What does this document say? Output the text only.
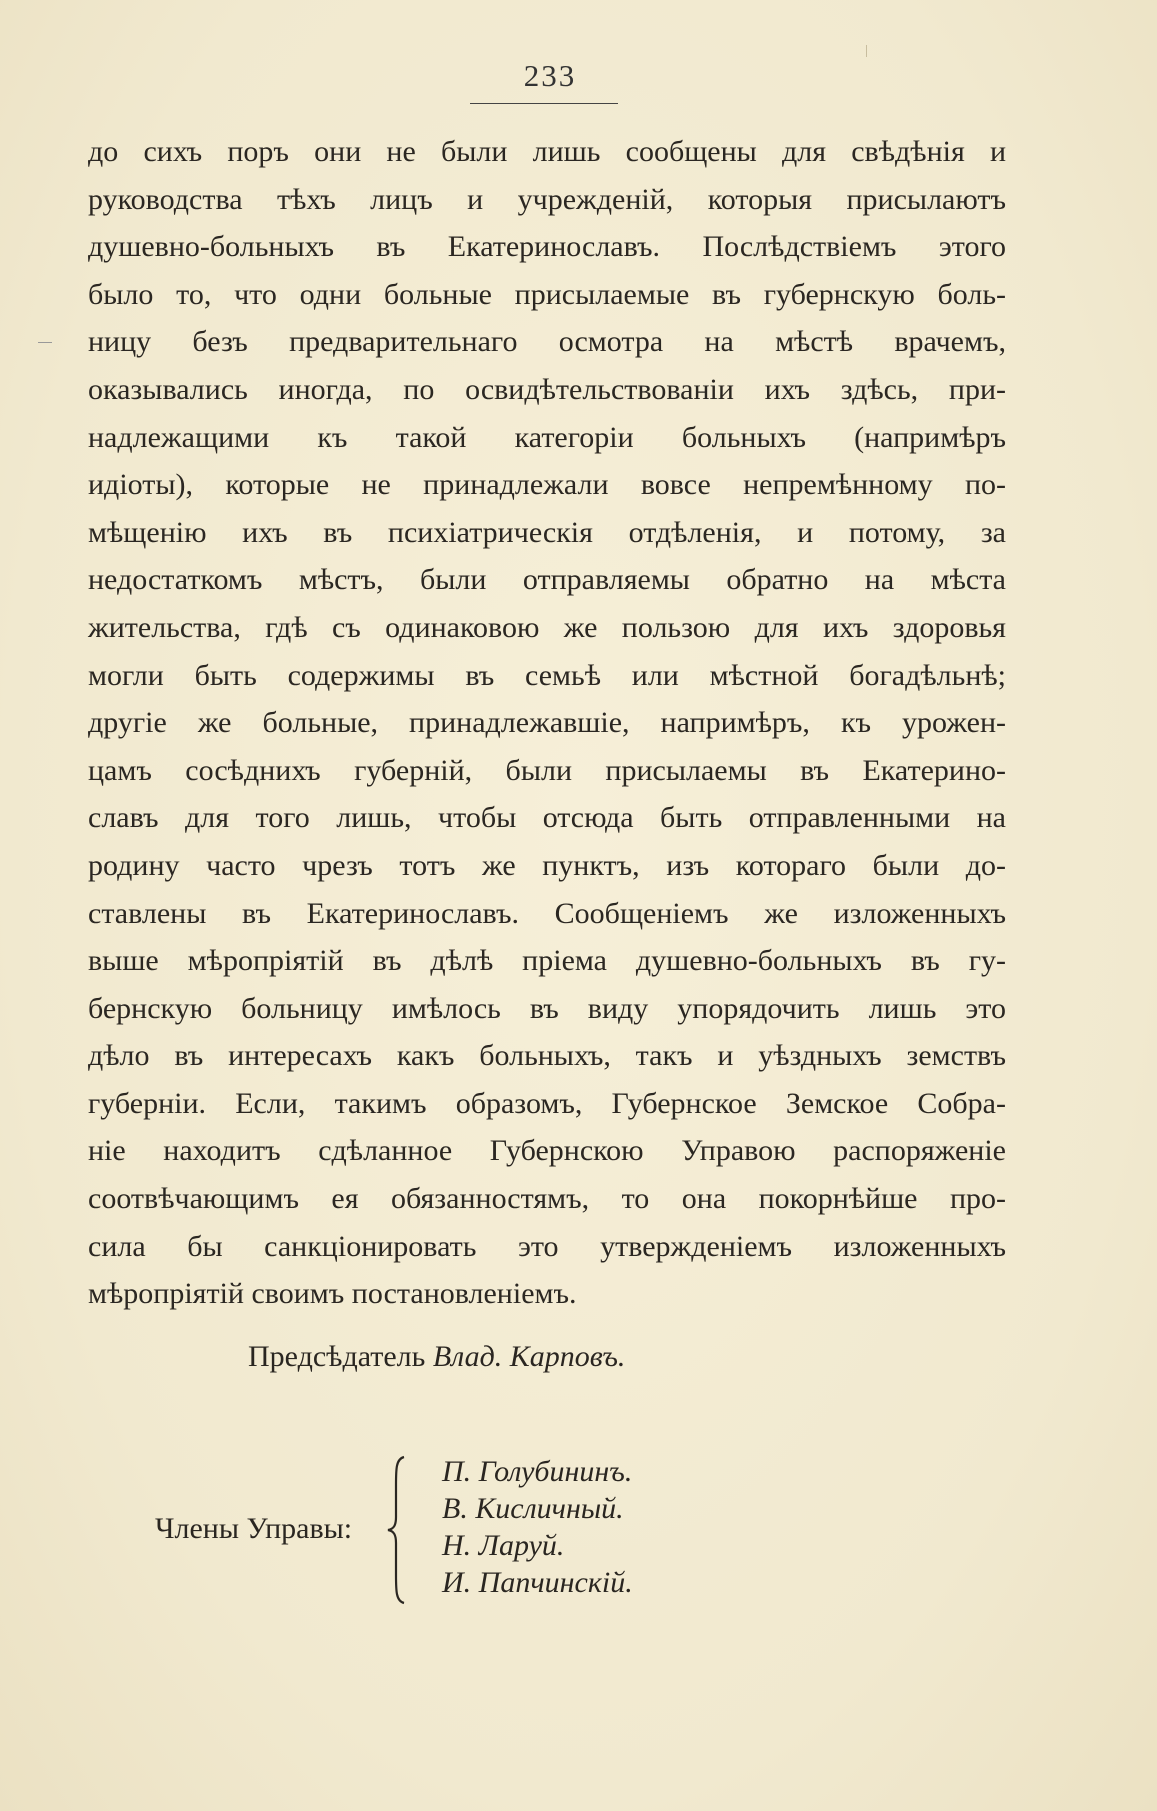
233
до сихъ поръ они не были лишь сообщены для свѣдѣнія и
руководства тѣхъ лицъ и учрежденій, которыя присылаютъ
душевно-больныхъ въ Екатеринославъ. Послѣдствіемъ этого
было то, что одни больные присылаемые въ губернскую боль-
ницу безъ предварительнаго осмотра на мѣстѣ врачемъ,
оказывались иногда, по освидѣтельствованіи ихъ здѣсь, при-
надлежащими къ такой категоріи больныхъ (напримѣръ
идіоты), которые не принадлежали вовсе непремѣнному по-
мѣщенію ихъ въ психіатрическія отдѣленія, и потому, за
недостаткомъ мѣстъ, были отправляемы обратно на мѣста
жительства, гдѣ съ одинаковою же пользою для ихъ здоровья
могли быть содержимы въ семьѣ или мѣстной богадѣльнѣ;
другіе же больные, принадлежавшіе, напримѣръ, къ урожен-
цамъ сосѣднихъ губерній, были присылаемы въ Екатерино-
славъ для того лишь, чтобы отсюда быть отправленными на
родину часто чрезъ тотъ же пунктъ, изъ котораго были до-
ставлены въ Екатеринославъ. Сообщеніемъ же изложенныхъ
выше мѣропріятій въ дѣлѣ пріема душевно-больныхъ въ гу-
бернскую больницу имѣлось въ виду упорядочить лишь это
дѣло въ интересахъ какъ больныхъ, такъ и уѣздныхъ земствъ
губерніи. Если, такимъ образомъ, Губернское Земское Собра-
ніе находитъ сдѣланное Губернскою Управою распоряженіе
соотвѣчающимъ ея обязанностямъ, то она покорнѣйше про-
сила бы санкціонировать это утвержденіемъ изложенныхъ
мѣропріятій своимъ постановленіемъ.
Предсѣдатель Влад. Карповъ.
Члены Управы:
П. Голубининъ.
В. Кисличный.
Н. Ларуй.
И. Папчинскій.
